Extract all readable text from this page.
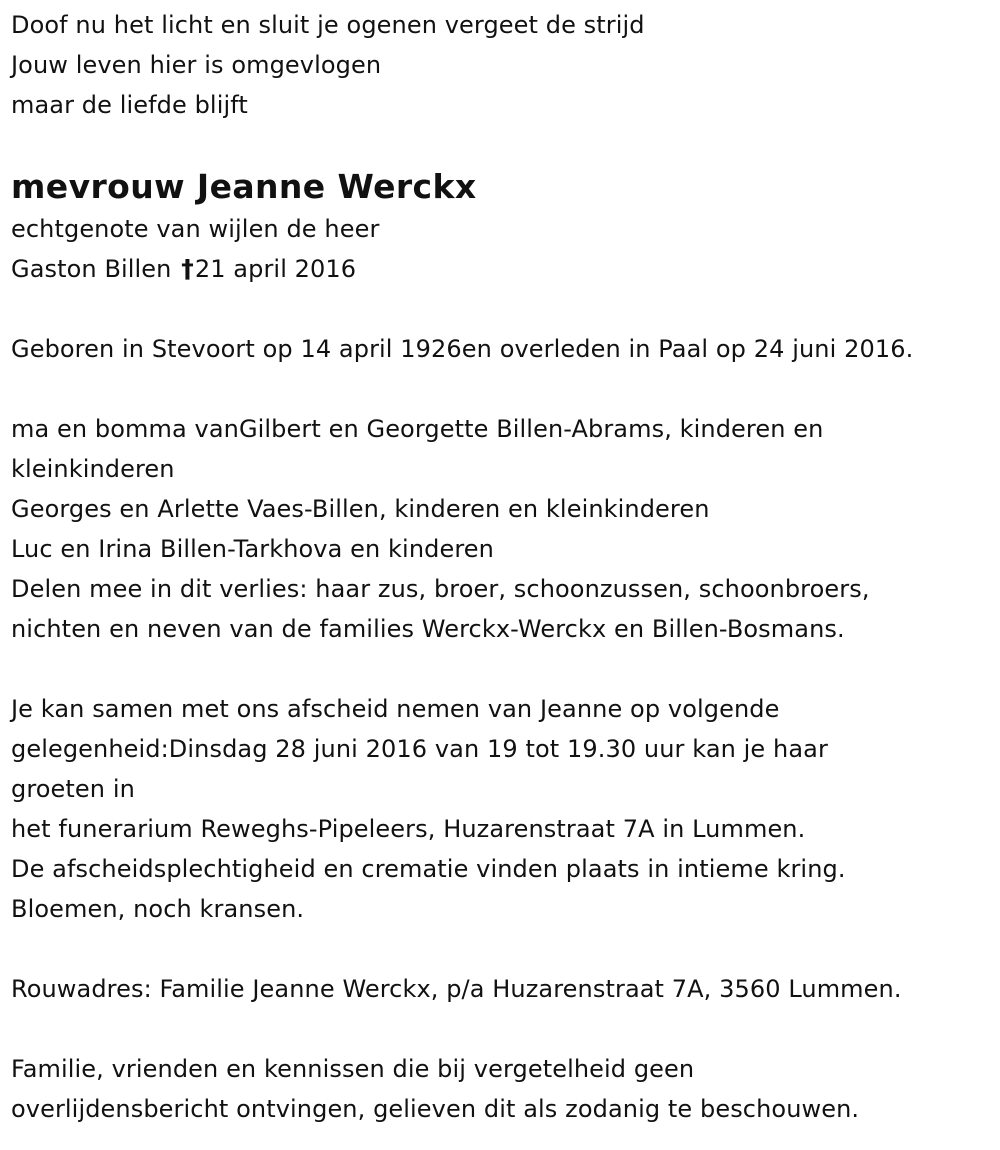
Doof nu het licht en sluit je ogenen vergeet de strijd
Jouw leven hier is omgevlogen
maar de liefde blijft
mevrouw Jeanne Werckx
echtgenote van wijlen de heer
Gaston Billen †21 april 2016
Geboren in Stevoort op 14 april 1926en overleden in Paal op 24 juni 2016.
ma en bomma vanGilbert en Georgette Billen-Abrams, kinderen en
kleinkinderen
Georges en Arlette Vaes-Billen, kinderen en kleinkinderen
Luc en Irina Billen-Tarkhova en kinderen
Delen mee in dit verlies: haar zus, broer, schoonzussen, schoonbroers,
nichten en neven van de families Werckx-Werckx en Billen-Bosmans.
Je kan samen met ons afscheid nemen van Jeanne op volgende
gelegenheid:Dinsdag 28 juni 2016 van 19 tot 19.30 uur kan je haar
groeten in
het funerarium Reweghs-Pipeleers, Huzarenstraat 7A in Lummen.
De afscheidsplechtigheid en crematie vinden plaats in intieme kring.
Bloemen, noch kransen.
Rouwadres: Familie Jeanne Werckx, p/a Huzarenstraat 7A, 3560 Lummen.
Familie, vrienden en kennissen die bij vergetelheid geen
overlijdensbericht ontvingen, gelieven dit als zodanig te beschouwen.
